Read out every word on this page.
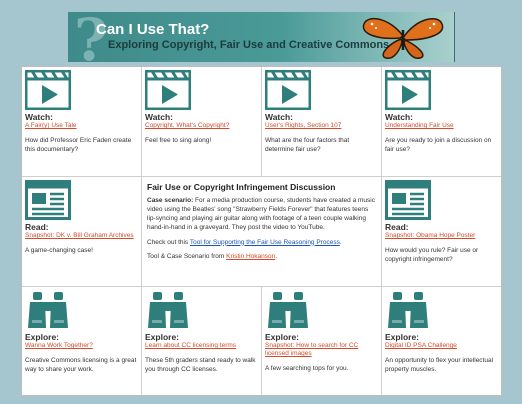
?
Can I Use That?
Exploring Copyright, Fair Use and Creative Commons
Watch:
A Fair(y) Use Tale
How did Professor Eric Faden create this documentary?
Watch:
Copyright, What's Copyright?
Feel free to sing along!
Watch:
User's Rights, Section 107
What are the four factors that determine fair use?
Watch:
Understanding Fair Use
Are you ready to join a discussion on fair use?
Read:
Snapshot: DK v. Bill Graham Archives
A game-changing case!
Fair Use or Copyright Infringement Discussion

Case scenario: For a media production course, students have created a music video using the Beatles' song "Strawberry Fields Forever" that features teens lip-syncing and playing air guitar along with footage of a teen couple walking hand-in-hand in a graveyard. They post the video to YouTube.

Check out this Tool for Supporting the Fair Use Reasoning Process.

Tool & Case Scenario from Kristin Hokanson.

Read:
Snapshot: Obama Hope Poster
How would you rule? Fair use or copyright infringement?
Explore:
Wanna Work Together?
Creative Commons licensing is a great way to share your work.
Explore:
Learn about CC licensing terms
These 5th graders stand ready to walk you through CC licenses.
Explore:
Snapshot: How to search for CC licensed images
A few searching tops for you.
Explore:
Digital ID PSA Challenge
An opportunity to flex your intellectual property muscles.
